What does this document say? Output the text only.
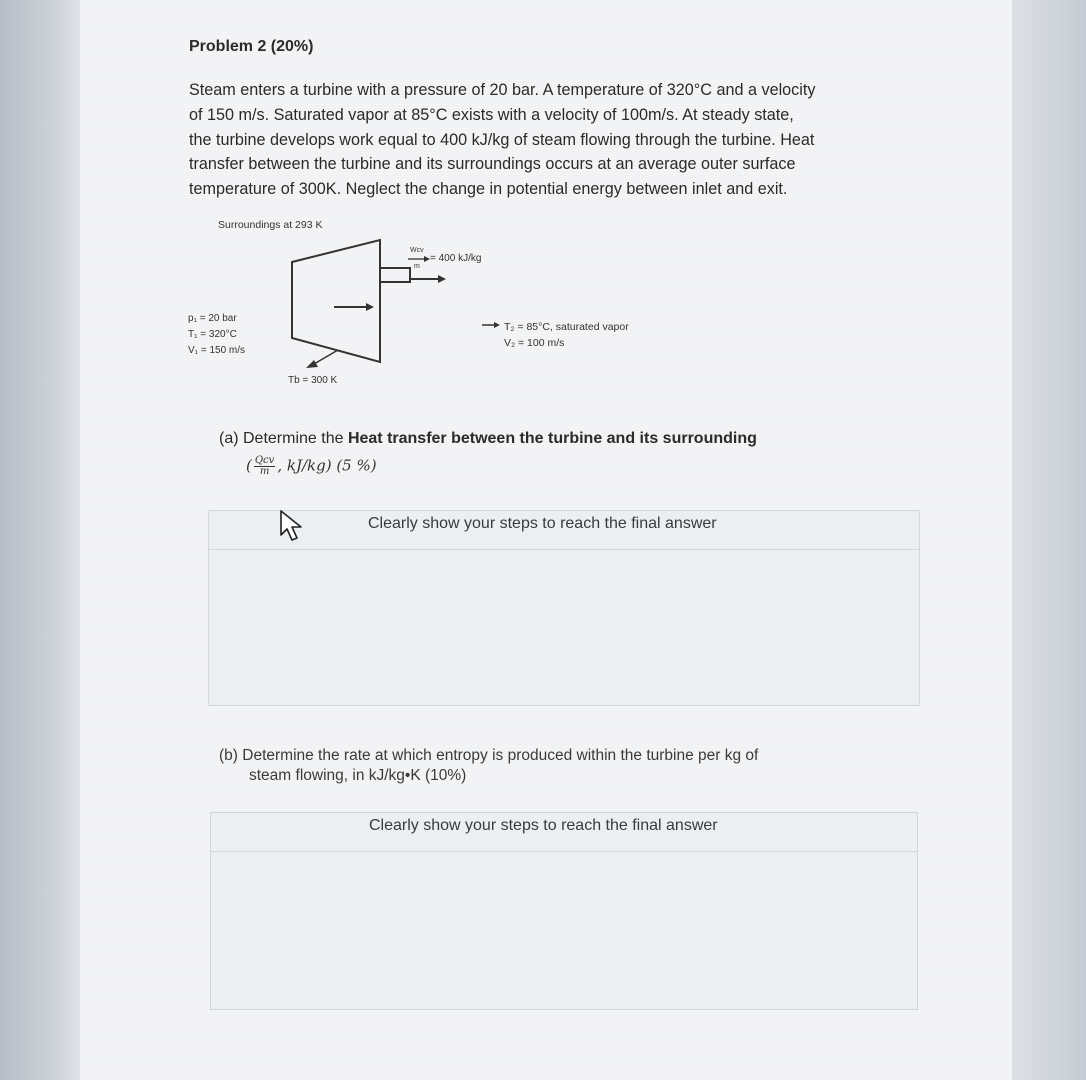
Problem 2 (20%)

Steam enters a turbine with a pressure of 20 bar. A temperature of 320°C and a velocity

of 150 m/s. Saturated vapor at 85°C exists with a velocity of 100m/s. At steady state,

the turbine develops work equal to 400 kJ/kg of steam flowing through the turbine. Heat

transfer between the turbine and its surroundings occurs at an average outer surface

temperature of 300K. Neglect the change in potential energy between inlet and exit.

Surroundings at 293 K
Wcv
m
= 400 kJ/kg
p₁ = 20 bar
T₁ = 320°C
V₁ = 150 m/s
T₂ = 85°C, saturated vapor
V₂ = 100 m/s
Tb = 300 K
(a) Determine the Heat transfer between the turbine and its surrounding
( $\frac{\text{Qcv}}{m}$ , kJ/kg) (5 %)
Clearly show your steps to reach the final answer

(b) Determine the rate at which entropy is produced within the turbine per kg of

steam flowing, in kJ/kg•K (10%)

Clearly show your steps to reach the final answer
